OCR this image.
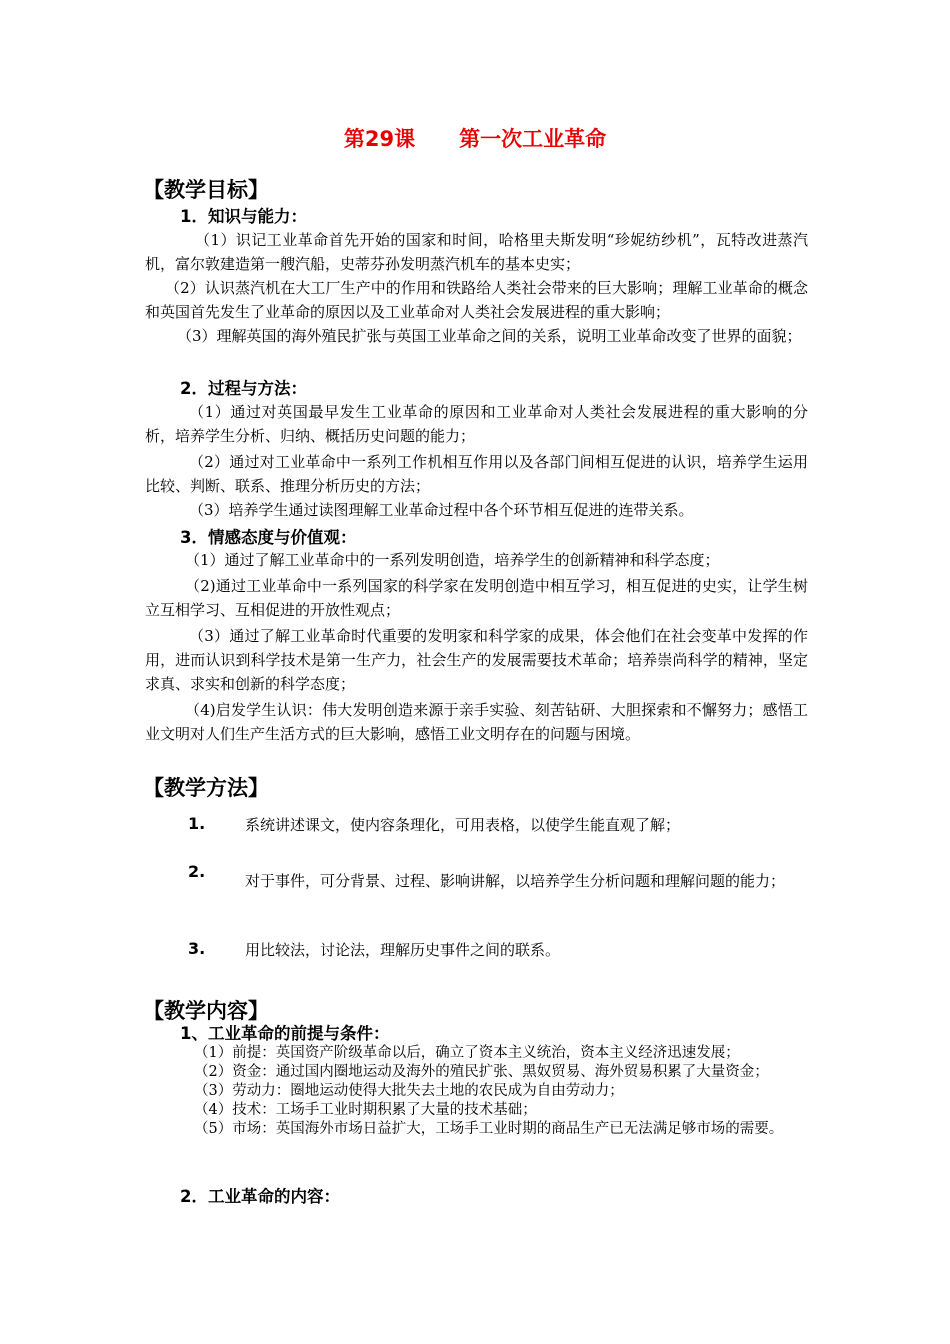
第29课 第一次工业革命
【教学目标】
1．知识与能力：
（1）识记工业革命首先开始的国家和时间，哈格里夫斯发明“珍妮纺纱机”，瓦特改进蒸汽机，富尔敦建造第一艘汽船，史蒂芬孙发明蒸汽机车的基本史实；
（2）认识蒸汽机在大工厂生产中的作用和铁路给人类社会带来的巨大影响；理解工业革命的概念和英国首先发生了业革命的原因以及工业革命对人类社会发展进程的重大影响；
（3）理解英国的海外殖民扩张与英国工业革命之间的关系，说明工业革命改变了世界的面貌；
2．过程与方法：
（1）通过对英国最早发生工业革命的原因和工业革命对人类社会发展进程的重大影响的分析，培养学生分析、归纳、概括历史问题的能力；
（2）通过对工业革命中一系列工作机相互作用以及各部门间相互促进的认识，培养学生运用比较、判断、联系、推理分析历史的方法；
（3）培养学生通过读图理解工业革命过程中各个环节相互促进的连带关系。
3．情感态度与价值观：
（1）通过了解工业革命中的一系列发明创造，培养学生的创新精神和科学态度；
（2)通过工业革命中一系列国家的科学家在发明创造中相互学习，相互促进的史实，让学生树立互相学习、互相促进的开放性观点；
（3）通过了解工业革命时代重要的发明家和科学家的成果，体会他们在社会变革中发挥的作用，进而认识到科学技术是第一生产力，社会生产的发展需要技术革命；培养崇尚科学的精神，坚定求真、求实和创新的科学态度；
（4)启发学生认识：伟大发明创造来源于亲手实验、刻苦钻研、大胆探索和不懈努力；感悟工业文明对人们生产生活方式的巨大影响，感悟工业文明存在的问题与困境。
【教学方法】
1.	系统讲述课文，使内容条理化，可用表格，以使学生能直观了解；
2.	对于事件，可分背景、过程、影响讲解，以培养学生分析问题和理解问题的能力；
3.	用比较法，讨论法，理解历史事件之间的联系。
【教学内容】
1、工业革命的前提与条件：
（1） 前提：英国资产阶级革命以后，确立了资本主义统治，资本主义经济迅速发展；
（2） 资金：通过国内圈地运动及海外的殖民扩张、黑奴贸易、海外贸易积累了大量资金；
（3） 劳动力：圈地运动使得大批失去土地的农民成为自由劳动力；
（4） 技术：工场手工业时期积累了大量的技术基础；
（5） 市场：英国海外市场日益扩大，工场手工业时期的商品生产已无法满足够市场的需要。
2．工业革命的内容：
